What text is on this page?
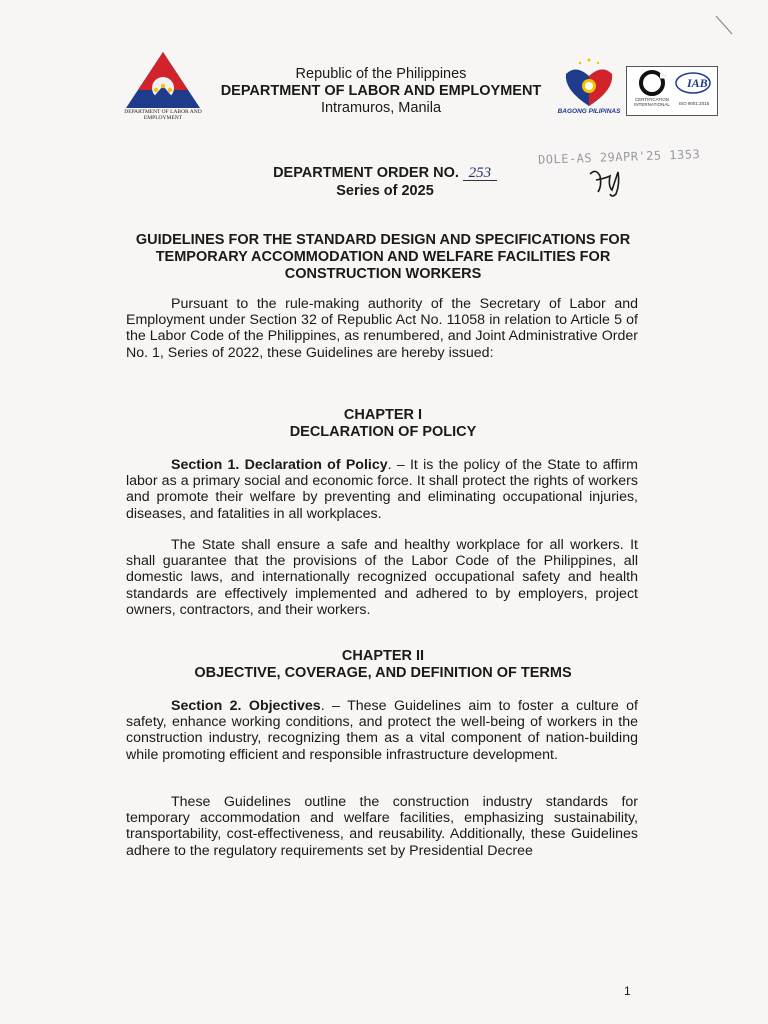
DEPARTMENT OF LABOR AND EMPLOYMENT
Republic of the Philippines
DEPARTMENT OF LABOR AND EMPLOYMENT
Intramuros, Manila	BAGONG PILIPINAS
IAB
CERTIFICATION INTERNATIONAL	ISO 9001:2015
DOLE-AS 29APR'25 1353
DEPARTMENT ORDER NO. 253
Series of 2025
GUIDELINES FOR THE STANDARD DESIGN AND SPECIFICATIONS FOR
TEMPORARY ACCOMMODATION AND WELFARE FACILITIES FOR
CONSTRUCTION WORKERS

Pursuant to the rule-making authority of the Secretary of Labor and Employment under Section 32 of Republic Act No. 11058 in relation to Article 5 of the Labor Code of the Philippines, as renumbered, and Joint Administrative Order No. 1, Series of 2022, these Guidelines are hereby issued:

CHAPTER I
DECLARATION OF POLICY

Section 1. Declaration of Policy. – It is the policy of the State to affirm labor as a primary social and economic force. It shall protect the rights of workers and promote their welfare by preventing and eliminating occupational injuries, diseases, and fatalities in all workplaces.

The State shall ensure a safe and healthy workplace for all workers. It shall guarantee that the provisions of the Labor Code of the Philippines, all domestic laws, and internationally recognized occupational safety and health standards are effectively implemented and adhered to by employers, project owners, contractors, and their workers.

CHAPTER II
OBJECTIVE, COVERAGE, AND DEFINITION OF TERMS

Section 2. Objectives. – These Guidelines aim to foster a culture of safety, enhance working conditions, and protect the well-being of workers in the construction industry, recognizing them as a vital component of nation-building while promoting efficient and responsible infrastructure development.

These Guidelines outline the construction industry standards for temporary accommodation and welfare facilities, emphasizing sustainability, transportability, cost-effectiveness, and reusability. Additionally, these Guidelines adhere to the regulatory requirements set by Presidential Decree

1
